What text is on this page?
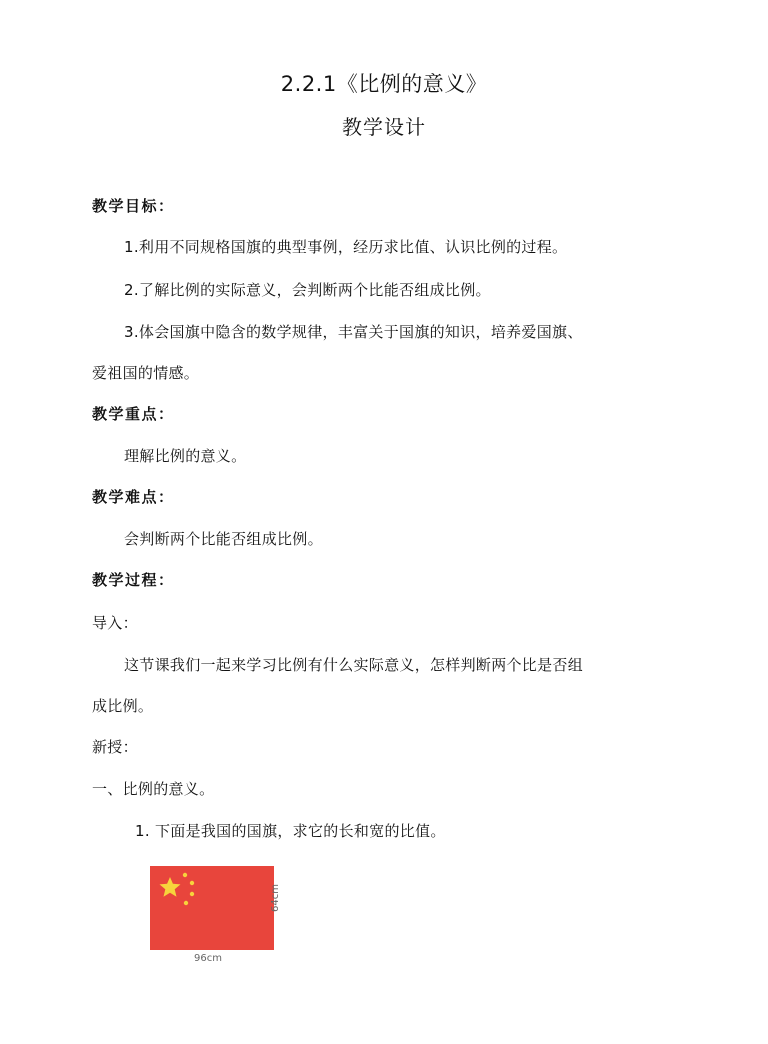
2.2.1《比例的意义》
教学设计
教学目标：
1.利用不同规格国旗的典型事例，经历求比值、认识比例的过程。
2.了解比例的实际意义，会判断两个比能否组成比例。
3.体会国旗中隐含的数学规律，丰富关于国旗的知识，培养爱国旗、
爱祖国的情感。
教学重点：
理解比例的意义。
教学难点：
会判断两个比能否组成比例。
教学过程：
导入：
这节课我们一起来学习比例有什么实际意义，怎样判断两个比是否组
成比例。
新授：
一、比例的意义。
1. 下面是我国的国旗，求它的长和宽的比值。
96cm
64cm
